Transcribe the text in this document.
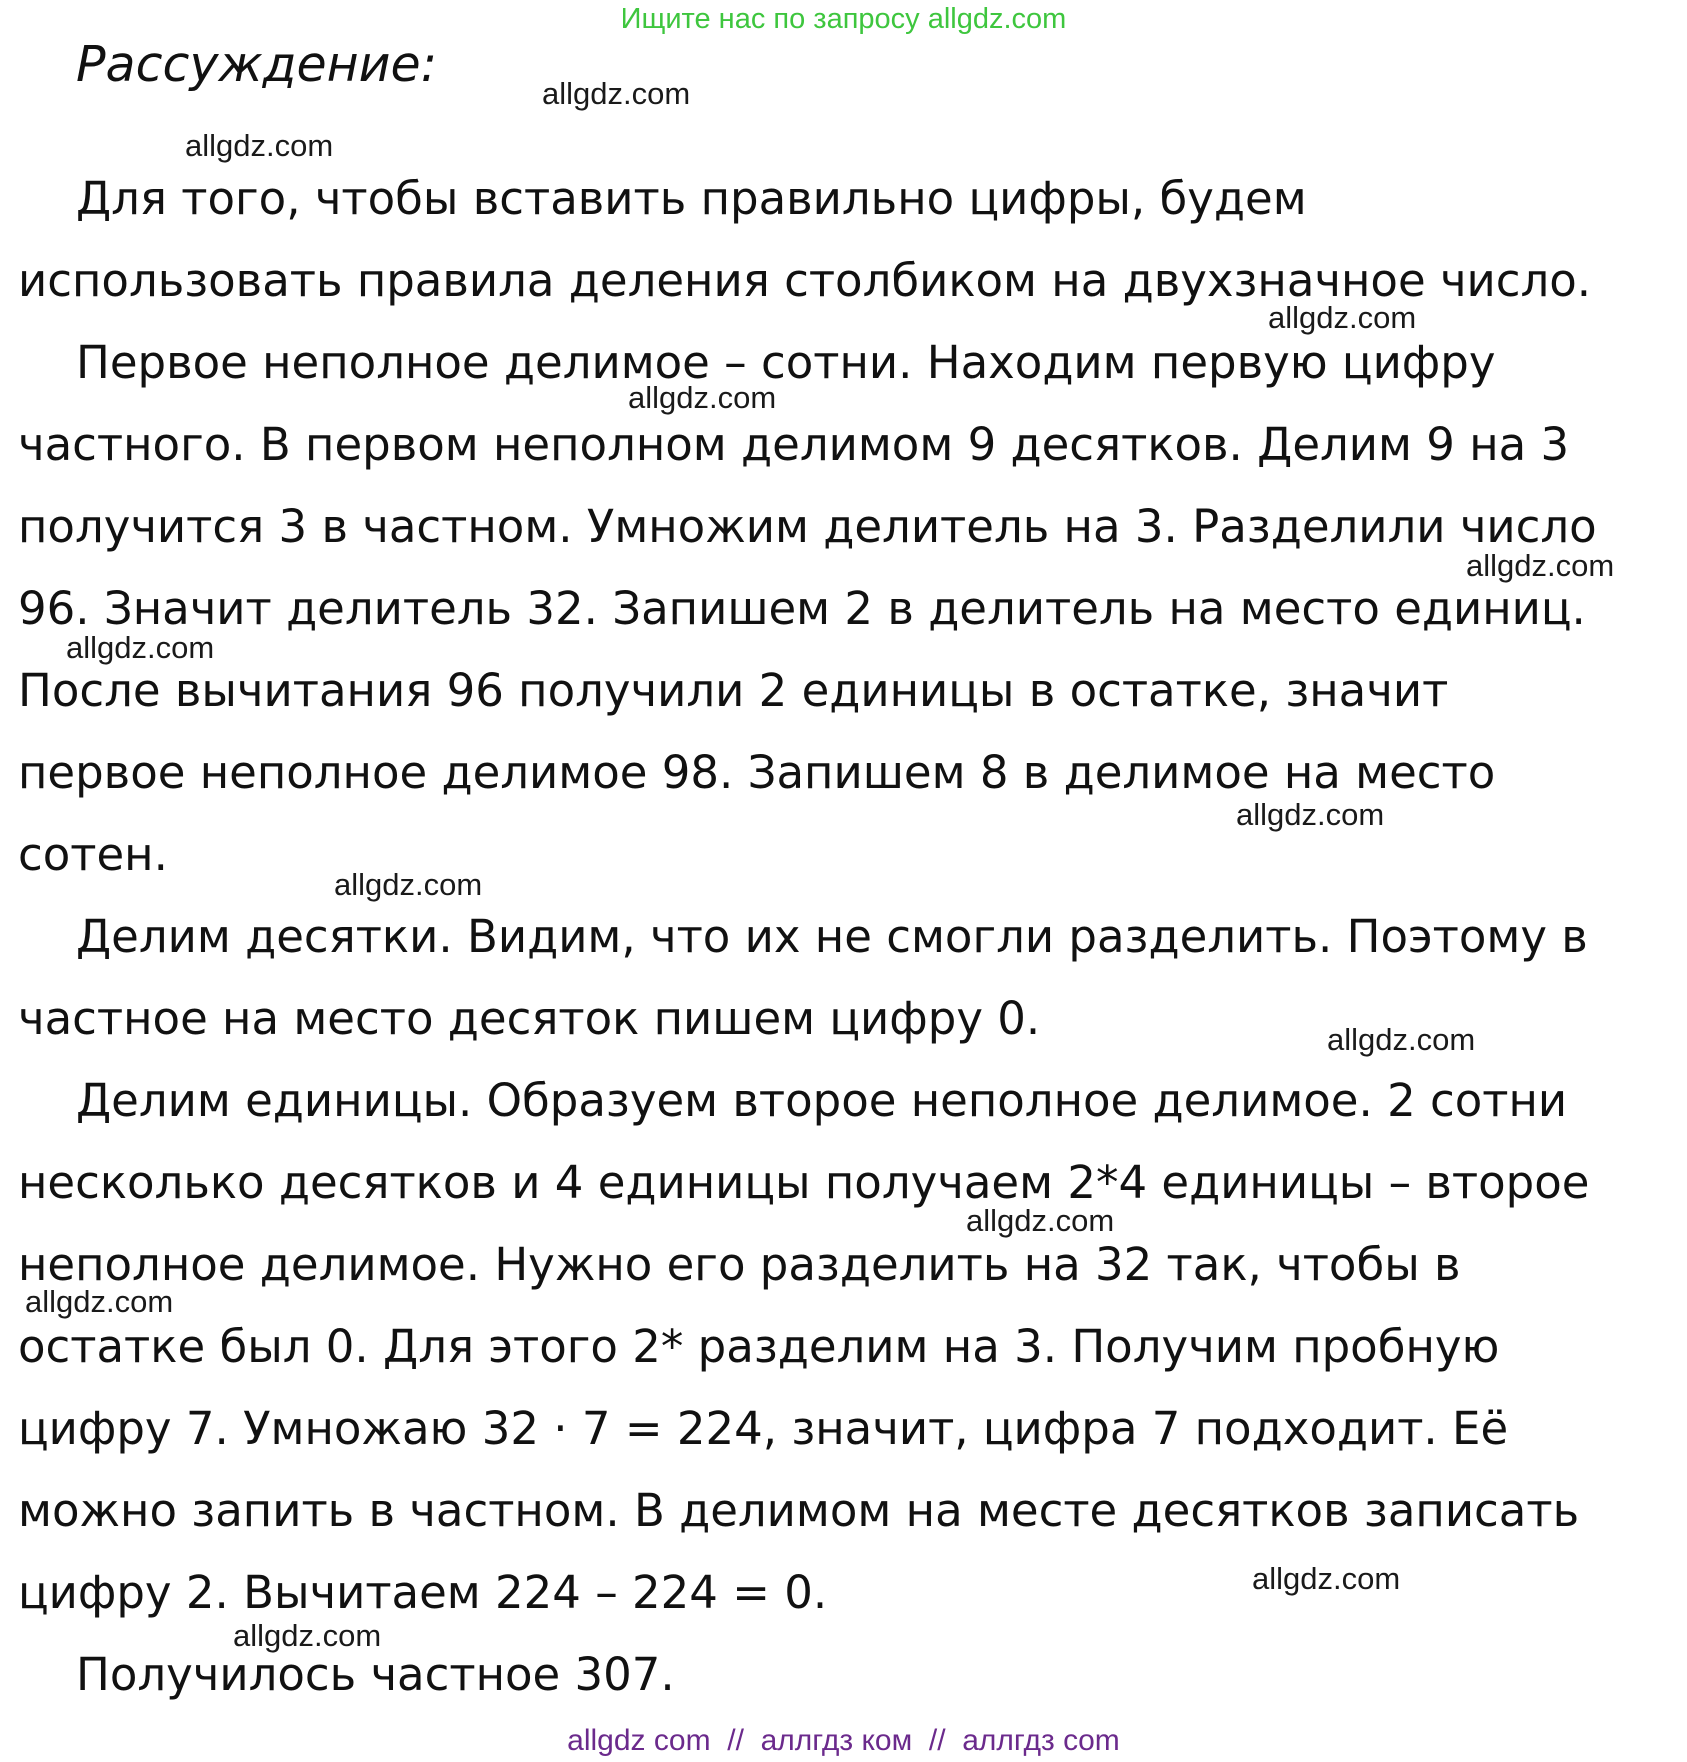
Ищите нас по запросу allgdz.com
Рассуждение:
Для того, чтобы вставить правильно цифры, будем
использовать правила деления столбиком на двухзначное число.
Первое неполное делимое – сотни. Находим первую цифру
частного. В первом неполном делимом 9 десятков. Делим 9 на 3
получится 3 в частном. Умножим делитель на 3. Разделили число
96. Значит делитель 32. Запишем 2 в делитель на место единиц.
После вычитания 96 получили 2 единицы в остатке, значит
первое неполное делимое 98. Запишем 8 в делимое на место
сотен.
Делим десятки. Видим, что их не смогли разделить. Поэтому в
частное на место десяток пишем цифру 0.
Делим единицы. Образуем второе неполное делимое. 2 сотни
несколько десятков и 4 единицы получаем 2*4 единицы – второе
неполное делимое. Нужно его разделить на 32 так, чтобы в
остатке был 0. Для этого 2* разделим на 3. Получим пробную
цифру 7. Умножаю 32 · 7 = 224, значит, цифра 7 подходит. Её
можно запить в частном. В делимом на месте десятков записать
цифру 2. Вычитаем 224 – 224 = 0.
Получилось частное 307.
allgdz.com
allgdz.com
allgdz.com
allgdz.com
allgdz.com
allgdz.com
allgdz.com
allgdz.com
allgdz.com
allgdz.com
allgdz.com
allgdz.com
allgdz.com
allgdz com  //  аллгдз ком  //  аллгдз com
